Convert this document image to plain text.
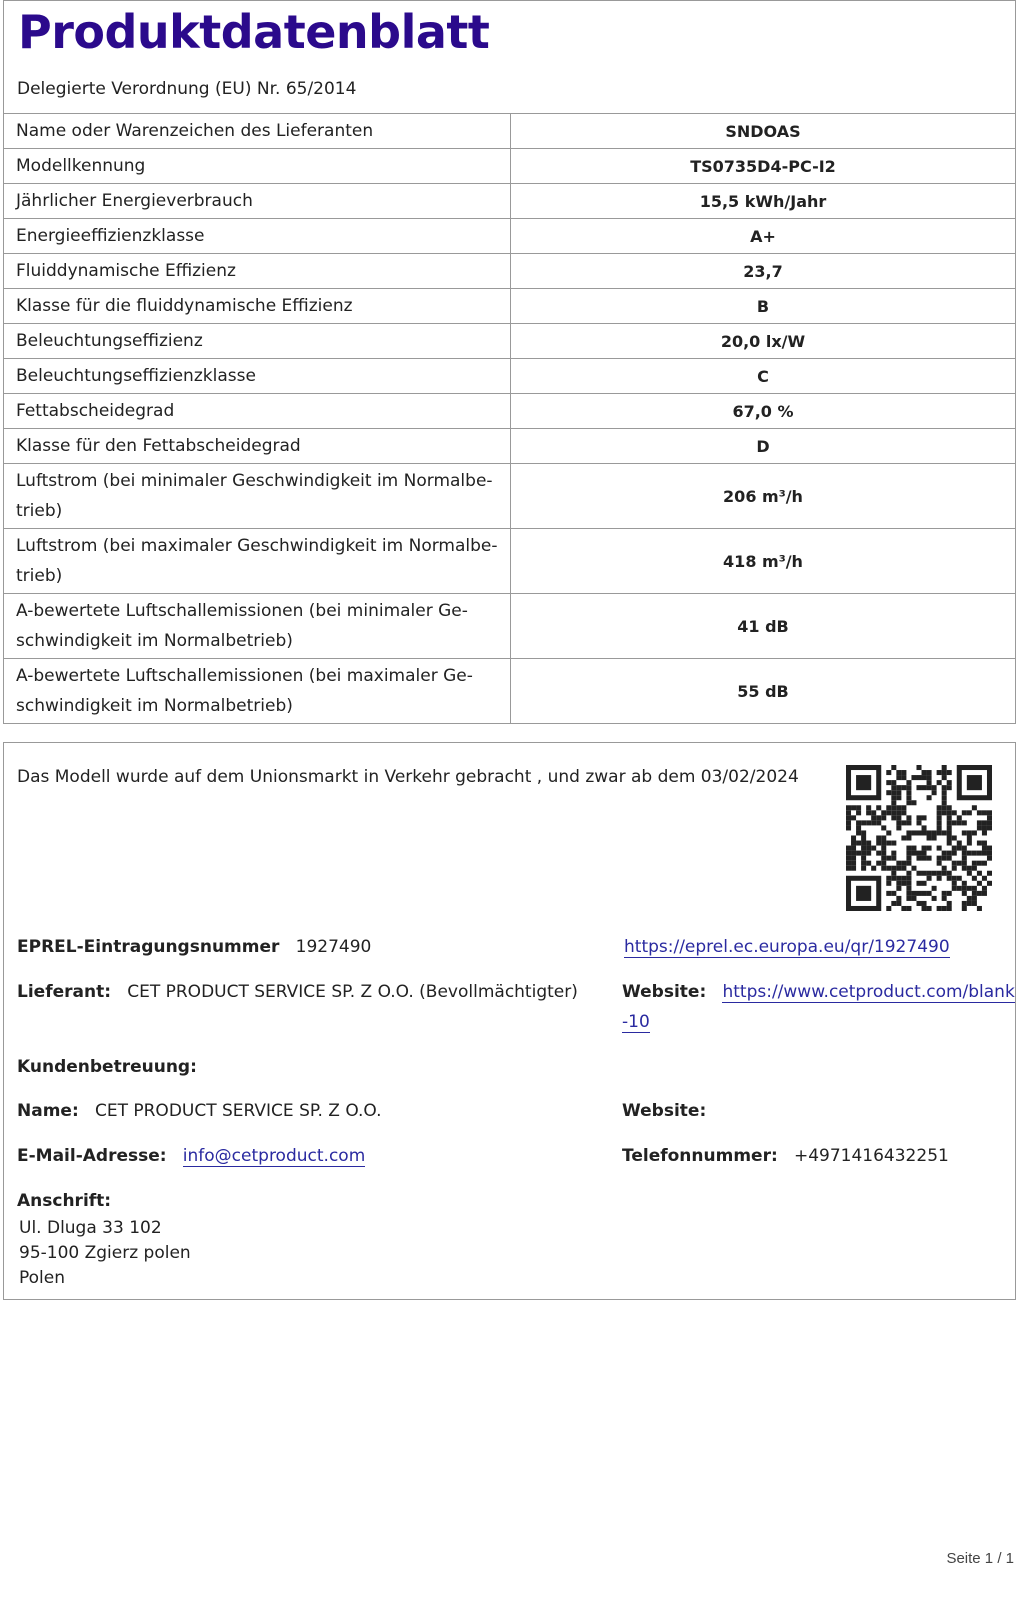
Produktdatenblatt
Delegierte Verordnung (EU) Nr. 65/2014
Name oder Warenzeichen des Lieferanten	SNDOAS
Modellkennung	TS0735D4-PC-I2
Jährlicher Energieverbrauch	15,5 kWh/Jahr
Energieeffizienzklasse	A+
Fluiddynamische Effizienz	23,7
Klasse für die fluiddynamische Effizienz	B
Beleuchtungseffizienz	20,0 lx/W
Beleuchtungseffizienzklasse	C
Fettabscheidegrad	67,0 %
Klasse für den Fettabscheidegrad	D
Luftstrom (bei minimaler Geschwindigkeit im Normalbe-trieb)	206 m³/h
Luftstrom (bei maximaler Geschwindigkeit im Normalbe-trieb)	418 m³/h
A-bewertete Luftschallemissionen (bei minimaler Ge-schwindigkeit im Normalbetrieb)	41 dB
A-bewertete Luftschallemissionen (bei maximaler Ge-schwindigkeit im Normalbetrieb)	55 dB
Das Modell wurde auf dem Unionsmarkt in Verkehr gebracht , und zwar ab dem 03/02/2024
EPREL-Eintragungsnummer 1927490	https://eprel.ec.europa.eu/qr/1927490
Lieferant: CET PRODUCT SERVICE SP. Z O.O. (Bevollmächtigter)	Website: https://www.cetproduct.com/blank
-10
Kundenbetreuung:
Name: CET PRODUCT SERVICE SP. Z O.O.	Website:
E-Mail-Adresse: info@cetproduct.com	Telefonnummer: +4971416432251
Anschrift:
Ul. Dluga 33 102
95-100 Zgierz polen
Polen
Seite 1 / 1
